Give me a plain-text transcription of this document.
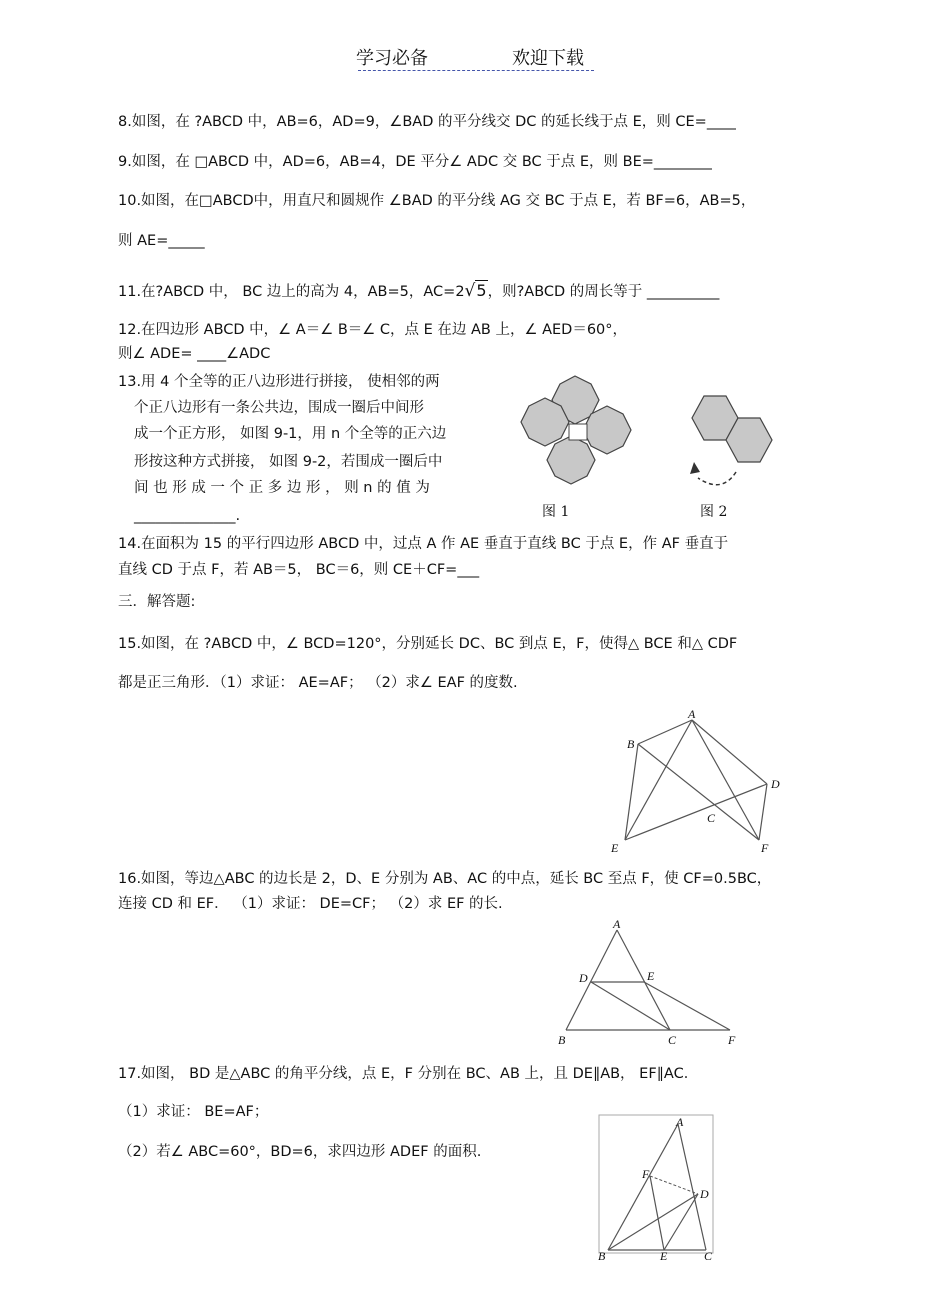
学习必备	欢迎下载
8.如图，在 ?ABCD 中，AB=6，AD=9，∠BAD 的平分线交 DC 的延长线于点 E，则 CE=____
9.如图，在 □ABCD 中，AD=6，AB=4，DE 平分∠ ADC 交 BC 于点 E，则 BE=________
10.如图，在□ABCD中，用直尺和圆规作 ∠BAD 的平分线 AG 交 BC 于点 E，若 BF=6，AB=5，
则 AE=_____
11.在?ABCD 中， BC 边上的高为 4，AB=5，AC=2√5，则?ABCD 的周长等于 __________
12.在四边形 ABCD 中，∠ A＝∠ B＝∠ C，点 E 在边 AB 上，∠ AED＝60°，
则∠ ADE= ____∠ADC
13.用 4 个全等的正八边形进行拼接， 使相邻的两
个正八边形有一条公共边，围成一圈后中间形
成一个正方形， 如图 9-1，用 n 个全等的正六边
形按这种方式拼接， 如图 9-2，若围成一圈后中
间 也 形 成 一 个 正 多 边 形 ， 则 n 的 值 为
______________.	图 1	图 2
14.在面积为 15 的平行四边形 ABCD 中，过点 A 作 AE 垂直于直线 BC 于点 E，作 AF 垂直于
直线 CD 于点 F，若 AB＝5， BC＝6，则 CE＋CF=___
三．解答题:
15.如图，在 ?ABCD 中，∠ BCD=120°，分别延长 DC、BC 到点 E，F，使得△ BCE 和△ CDF
都是正三角形．（1）求证： AE=AF； （2）求∠ EAF 的度数.
A
B
C
D
E	F
16.如图，等边△ABC 的边长是 2，D、E 分别为 AB、AC 的中点，延长 BC 至点 F，使 CF=0.5BC，
连接 CD 和 EF． （1）求证： DE=CF； （2）求 EF 的长.
A
B	C
D	E
F
17.如图， BD 是△ABC 的角平分线，点 E，F 分别在 BC、AB 上，且 DE∥AB， EF∥AC．
（1）求证： BE=AF；
（2）若∠ ABC=60°，BD=6，求四边形 ADEF 的面积.
A
B	C
D
E
F
